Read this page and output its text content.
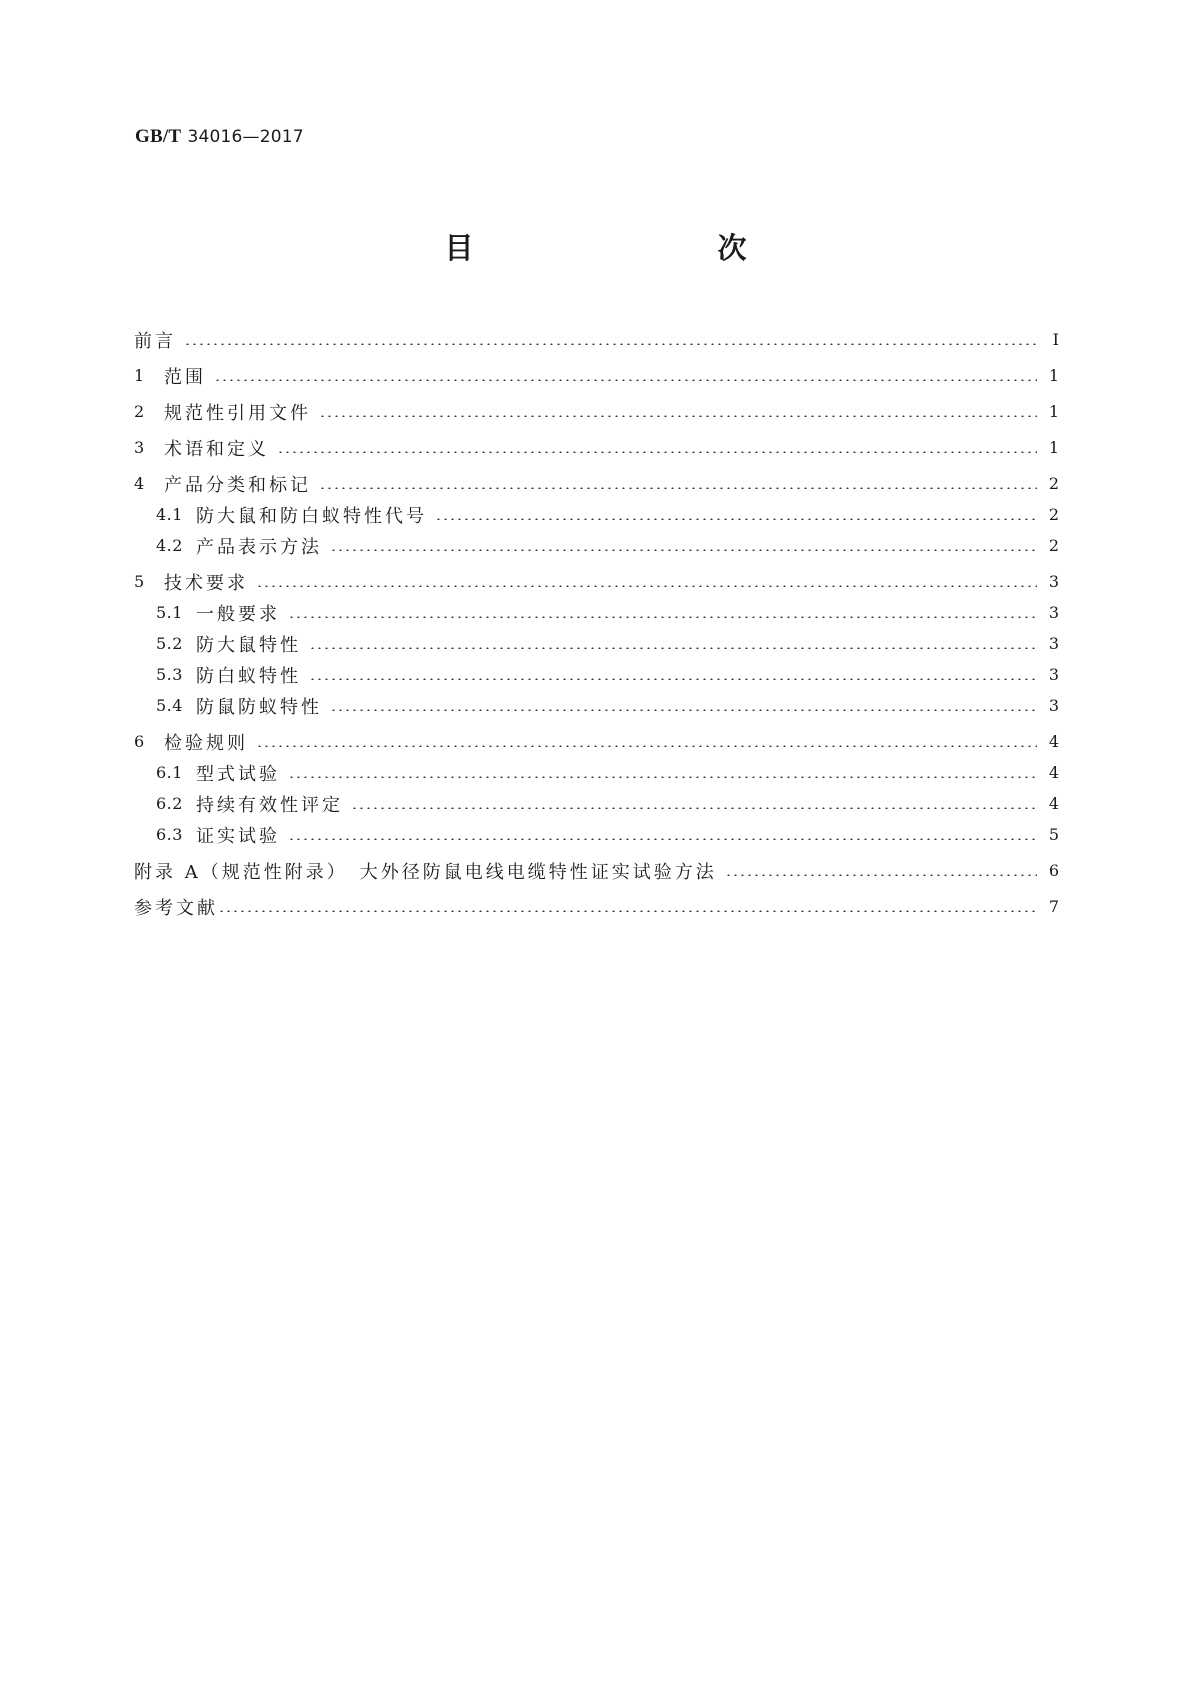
GB/T 34016—2017
目　　次
前言	I
1	范围	1
2	规范性引用文件	1
3	术语和定义	1
4	产品分类和标记	2
4.1 防大鼠和防白蚁特性代号	2
4.2 产品表示方法	2
5	技术要求	3
5.1 一般要求	3
5.2 防大鼠特性	3
5.3 防白蚁特性	3
5.4 防鼠防蚁特性	3
6	检验规则	4
6.1 型式试验	4
6.2 持续有效性评定	4
6.3 证实试验	5
附录 A（规范性附录）　大外径防鼠电线电缆特性证实试验方法	6
参考文献	7
